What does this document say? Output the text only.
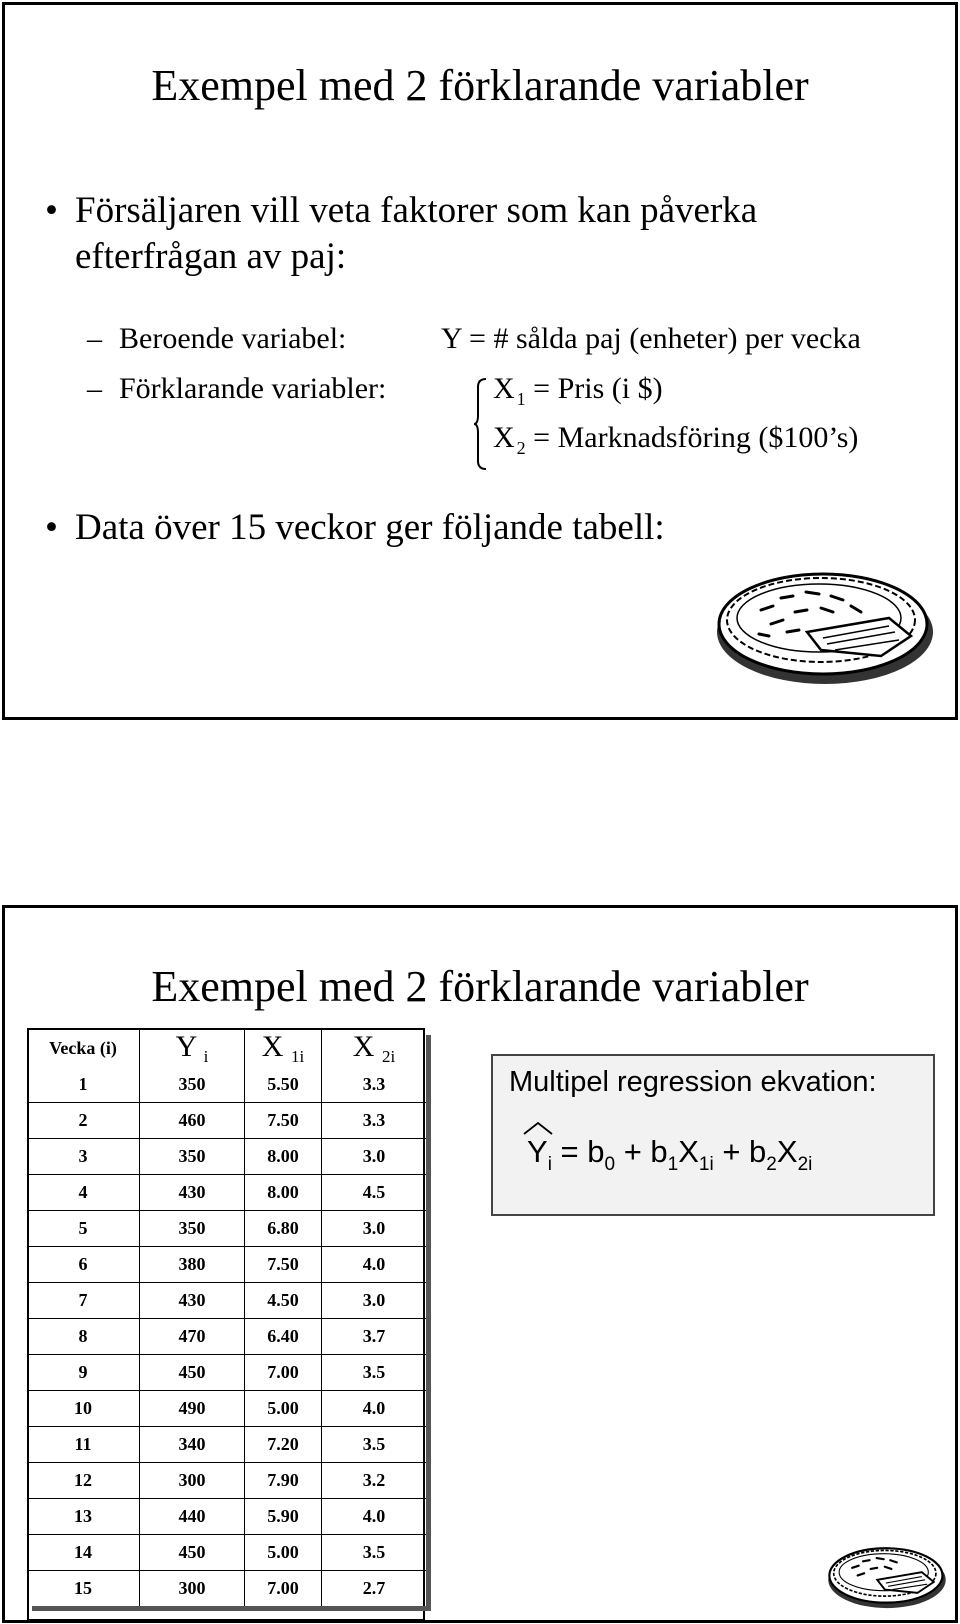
Exempel med 2 förklarande variabler
• Försäljaren vill veta faktorer som kan påverka
efterfrågan av paj:
– Beroende variabel:	Y = # sålda paj (enheter) per vecka
– Förklarande variabler:	X $_1$ = Pris (i $)
X $_2$ = Marknadsföring ($100’s)
• Data över 15 veckor ger följande tabell:
Exempel med 2 förklarande variabler
Vecka (i)	Y $_i$	X $_{1i}$	X $_{2i}$
1	350	5.50	3.3
2	460	7.50	3.3
3	350	8.00	3.0
4	430	8.00	4.5
5	350	6.80	3.0
6	380	7.50	4.0
7	430	4.50	3.0
8	470	6.40	3.7
9	450	7.00	3.5
10	490	5.00	4.0
11	340	7.20	3.5
12	300	7.90	3.2
13	440	5.90	4.0
14	450	5.00	3.5
15	300	7.00	2.7
Multipel regression ekvation:
$Y_i = b_0 + b_1X_{1i} + b_2X_{2i}$
